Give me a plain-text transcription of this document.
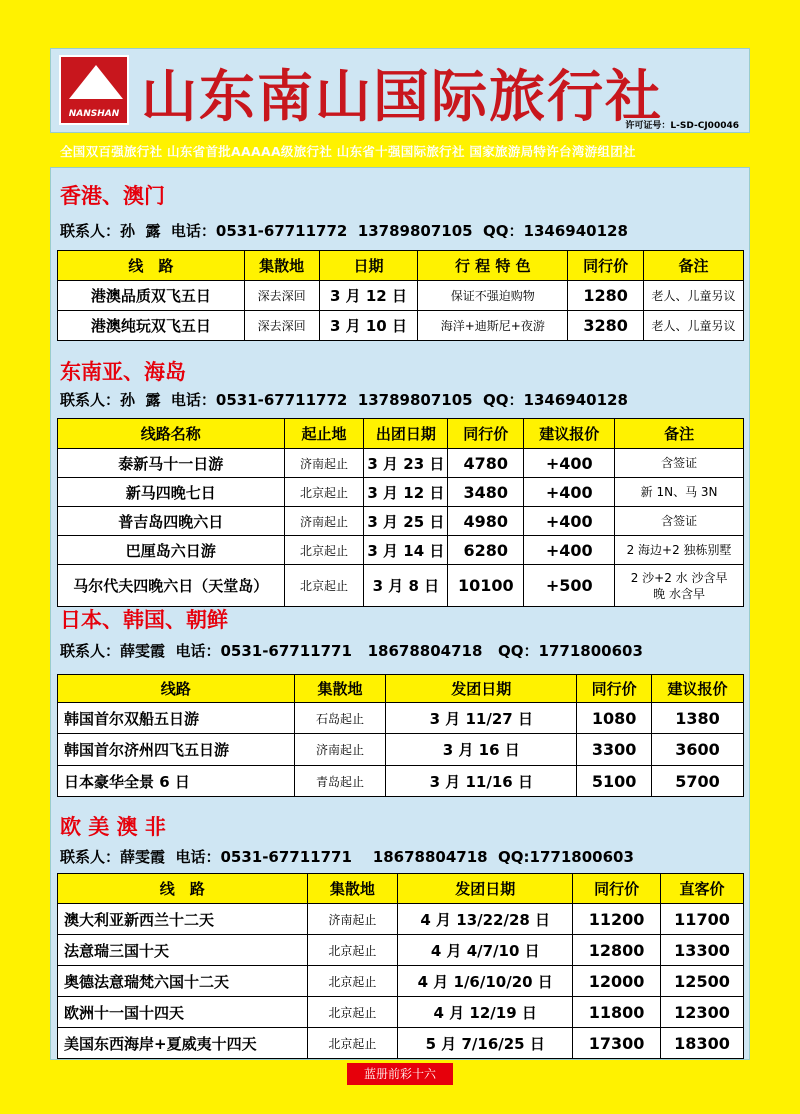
NANSHAN 山东南山国际旅行社
许可证号：L-SD-CJ00046
全国双百强旅行社 山东省首批AAAAA级旅行社 山东省十强国际旅行社 国家旅游局特许台湾游组团社
香港、澳门
联系人：孙  露  电话：0531-67711772  13789807105  QQ：1346940128
线　路	集散地	日期	行 程 特 色	同行价	备注
港澳品质双飞五日	深去深回	3 月 12 日	保证不强迫购物	1280	老人、儿童另议
港澳纯玩双飞五日	深去深回	3 月 10 日	海洋+迪斯尼+夜游	3280	老人、儿童另议
东南亚、海岛
联系人：孙  露  电话：0531-67711772  13789807105  QQ：1346940128
线路名称	起止地	出团日期	同行价	建议报价	备注
泰新马十一日游	济南起止	3 月 23 日	4780	+400	含签证
新马四晚七日	北京起止	3 月 12 日	3480	+400	新 1N、马 3N
普吉岛四晚六日	济南起止	3 月 25 日	4980	+400	含签证
巴厘岛六日游	北京起止	3 月 14 日	6280	+400	2 海边+2 独栋别墅
马尔代夫四晚六日（天堂岛）	北京起止	3 月 8 日	10100	+500	2 沙+2 水 沙含早
晚 水含早
日本、韩国、朝鲜
联系人：薛雯霞  电话：0531-67711771   18678804718   QQ：1771800603
线路	集散地	发团日期	同行价	建议报价
韩国首尔双船五日游	石岛起止	3 月 11/27 日	1080	1380
韩国首尔济州四飞五日游	济南起止	3 月 16 日	3300	3600
日本豪华全景 6 日	青岛起止	3 月 11/16 日	5100	5700
欧 美 澳 非
联系人：薛雯霞  电话：0531-67711771    18678804718  QQ:1771800603
线　路	集散地	发团日期	同行价	直客价
澳大利亚新西兰十二天	济南起止	4 月 13/22/28 日	11200	11700
法意瑞三国十天	北京起止	4 月 4/7/10 日	12800	13300
奥德法意瑞梵六国十二天	北京起止	4 月 1/6/10/20 日	12000	12500
欧洲十一国十四天	北京起止	4 月 12/19 日	11800	12300
美国东西海岸+夏威夷十四天	北京起止	5 月 7/16/25 日	17300	18300
蓝册前彩十六
